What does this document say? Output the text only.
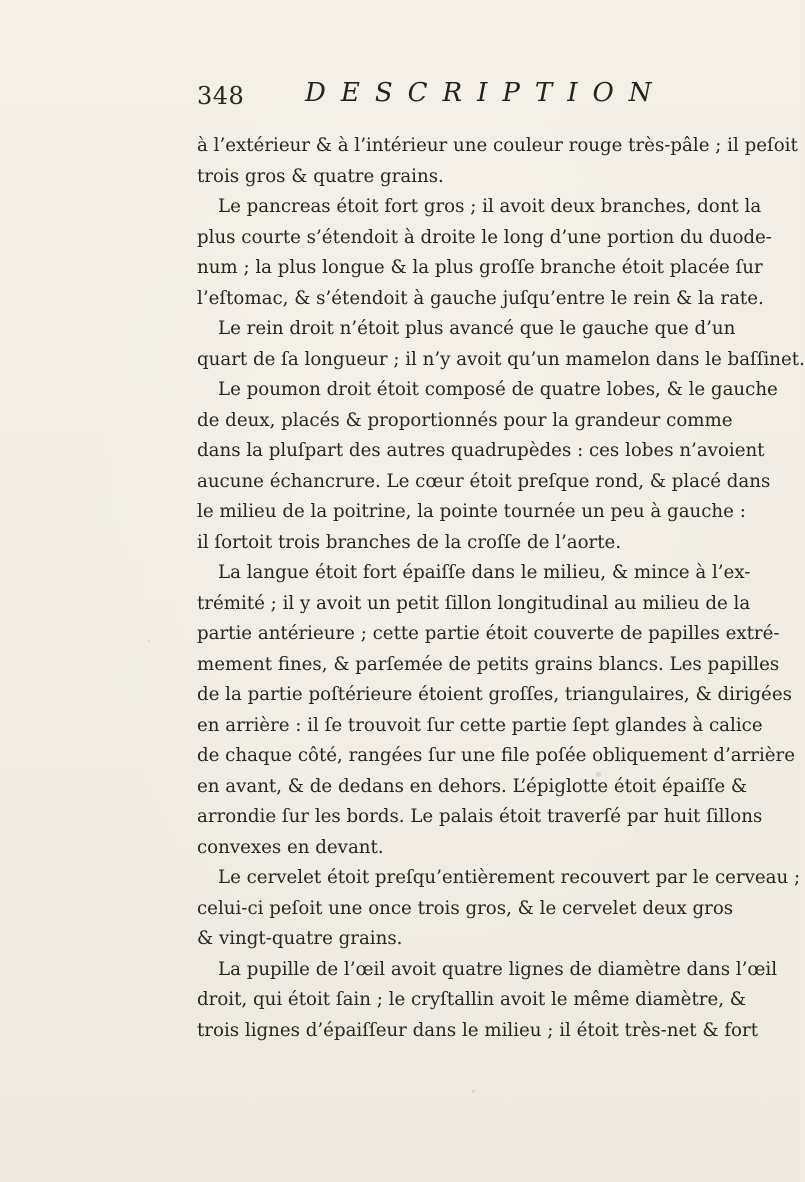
348 DESCRIPTION
à l’extérieur & à l’intérieur une couleur rouge très-pâle ; il peſoit
trois gros & quatre grains.
Le pancreas étoit fort gros ; il avoit deux branches, dont la
plus courte s’étendoit à droite le long d’une portion du duode-
num ; la plus longue & la plus groſſe branche étoit placée ſur
l’eſtomac, & s’étendoit à gauche juſqu’entre le rein & la rate.
Le rein droit n’étoit plus avancé que le gauche que d’un
quart de ſa longueur ; il n’y avoit qu’un mamelon dans le baſſinet.
Le poumon droit étoit composé de quatre lobes, & le gauche
de deux, placés & proportionnés pour la grandeur comme
dans la pluſpart des autres quadrupèdes : ces lobes n’avoient
aucune échancrure. Le cœur étoit preſque rond, & placé dans
le milieu de la poitrine, la pointe tournée un peu à gauche :
il ſortoit trois branches de la croſſe de l’aorte.
La langue étoit fort épaiſſe dans le milieu, & mince à l’ex-
trémité ; il y avoit un petit ſillon longitudinal au milieu de la
partie antérieure ; cette partie étoit couverte de papilles extré-
mement fines, & parſemée de petits grains blancs. Les papilles
de la partie poſtérieure étoient groſſes, triangulaires, & dirigées
en arrière : il ſe trouvoit ſur cette partie ſept glandes à calice
de chaque côté, rangées ſur une file poſée obliquement d’arrière
en avant, & de dedans en dehors. L’épiglotte étoit épaiſſe &
arrondie ſur les bords. Le palais étoit traverſé par huit ſillons
convexes en devant.
Le cervelet étoit preſqu’entièrement recouvert par le cerveau ;
celui-ci peſoit une once trois gros, & le cervelet deux gros
& vingt-quatre grains.
La pupille de l’œil avoit quatre lignes de diamètre dans l’œil
droit, qui étoit ſain ; le cryſtallin avoit le même diamètre, &
trois lignes d’épaiſſeur dans le milieu ; il étoit très-net & fort
